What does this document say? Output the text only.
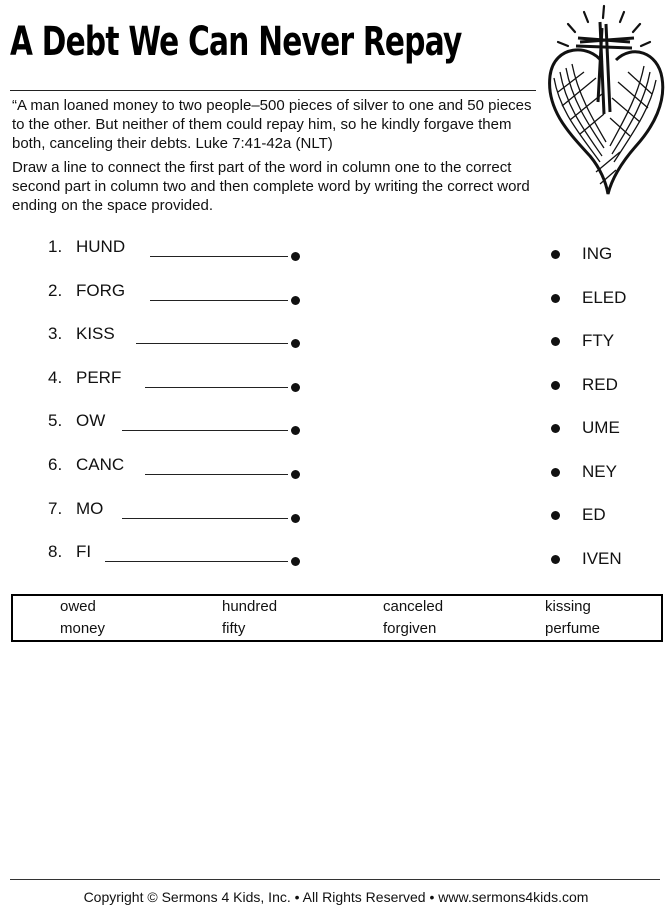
A Debt We Can Never Repay
“A man loaned money to two people–500 pieces of silver to one and 50 pieces to the other. But neither of them could repay him, so he kindly forgave them both, canceling their debts. Luke 7:41-42a (NLT)
Draw a line to connect the first part of the word in column one to the correct second part in column two and then complete word by writing the correct word ending on the space provided.
1. HUND
2. FORG
3. KISS
4. PERF
5. OW
6. CANC
7. MO
8. FI
ING
ELED
FTY
RED
UME
NEY
ED
IVEN
owed	hundred	canceled	kissing
money	fifty	forgiven	perfume
Copyright © Sermons 4 Kids, Inc. • All Rights Reserved • www.sermons4kids.com
